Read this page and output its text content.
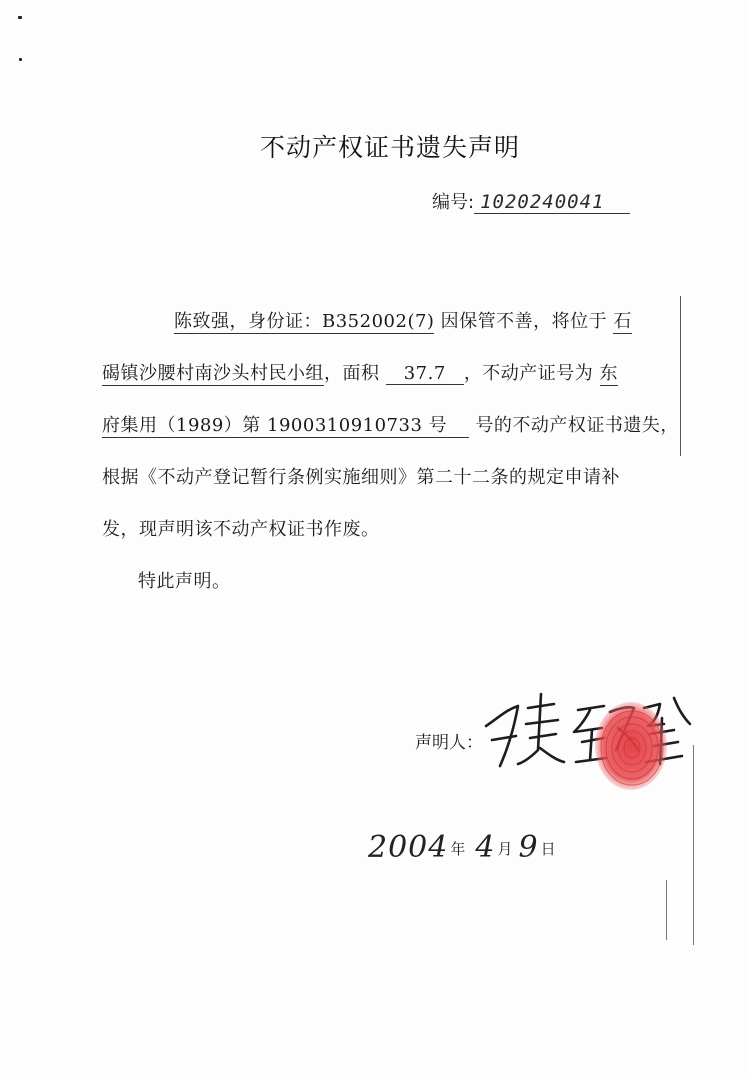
不动产权证书遗失声明
编号: 1020240041
陈致强，身份证：B352002(7) 因保管不善，将位于 石
碣镇沙腰村南沙头村民小组，面积 37.7 ，不动产证号为 东
府集用（1989）第 1900310910733 号 号的不动产权证书遗失，
根据《不动产登记暂行条例实施细则》第二十二条的规定申请补
发，现声明该不动产权证书作废。
特此声明。
声明人：
2004 年 4 月 9 日
